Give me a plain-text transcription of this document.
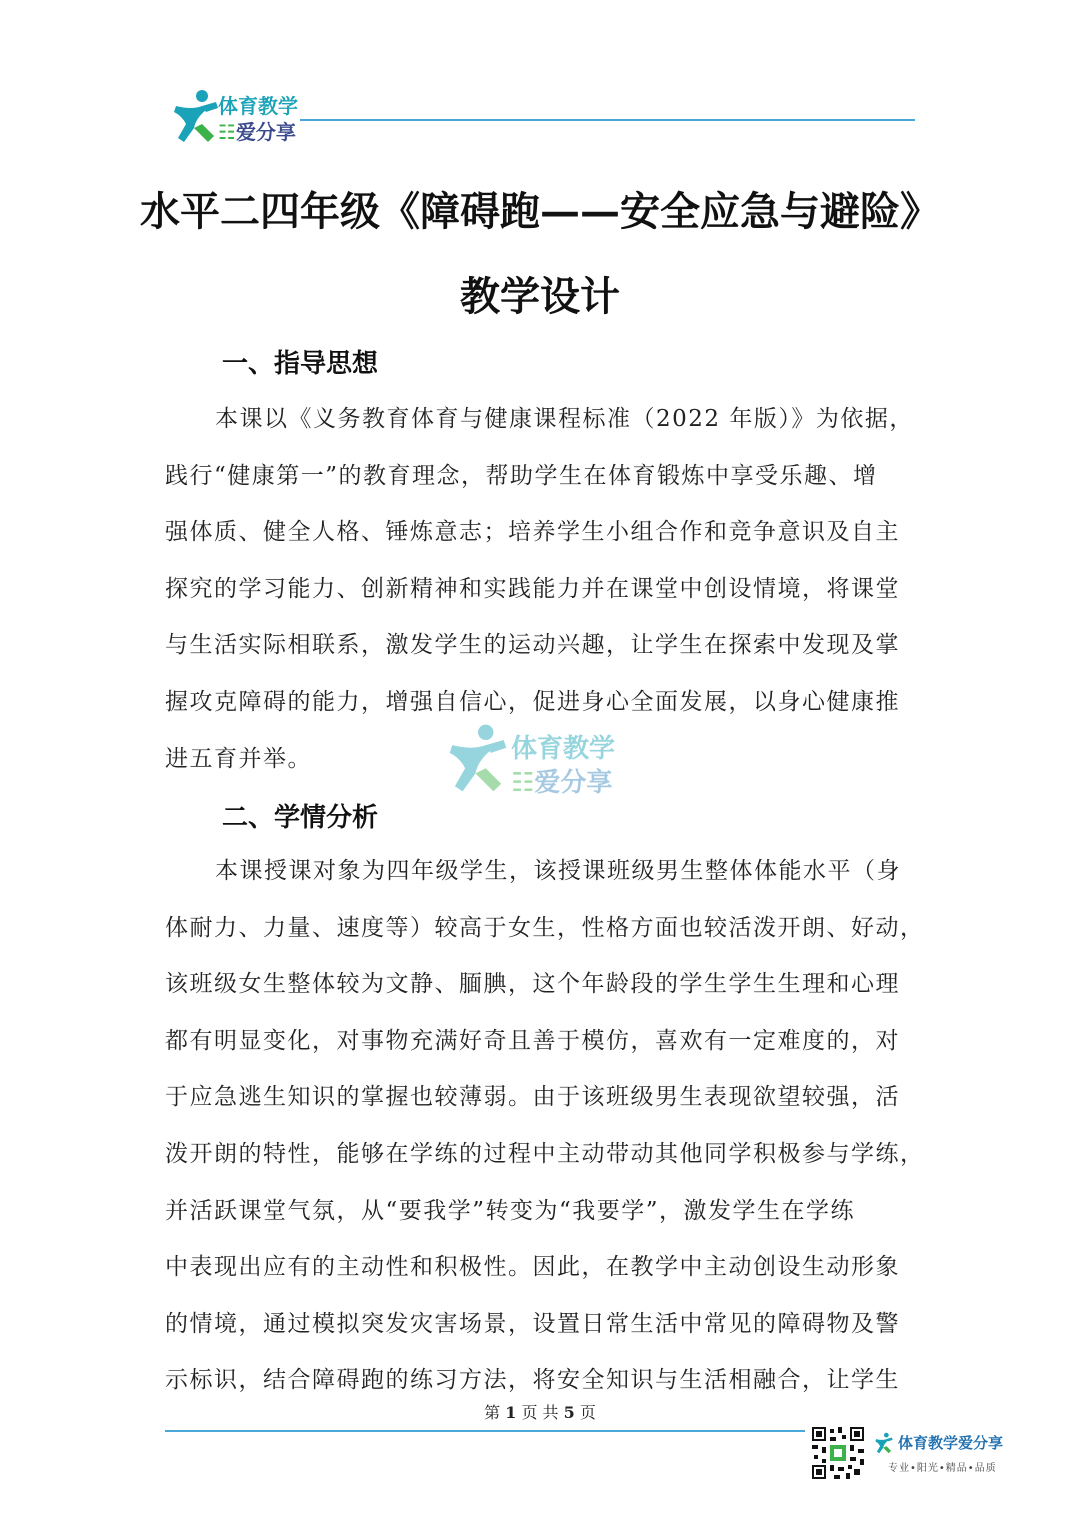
体育教学
☷爱分享
水平二四年级《障碍跑——安全应急与避险》
教学设计
一、指导思想
本课以《义务教育体育与健康课程标准（2022 年版）》为依据，
践行“健康第一”的教育理念，帮助学生在体育锻炼中享受乐趣、增
强体质、健全人格、锤炼意志；培养学生小组合作和竞争意识及自主
探究的学习能力、创新精神和实践能力并在课堂中创设情境，将课堂
与生活实际相联系，激发学生的运动兴趣，让学生在探索中发现及掌
握攻克障碍的能力，增强自信心，促进身心全面发展，以身心健康推
进五育并举。	体育教学
☷爱分享
二、学情分析
本课授课对象为四年级学生，该授课班级男生整体体能水平（身
体耐力、力量、速度等）较高于女生，性格方面也较活泼开朗、好动，
该班级女生整体较为文静、腼腆，这个年龄段的学生学生生理和心理
都有明显变化，对事物充满好奇且善于模仿，喜欢有一定难度的，对
于应急逃生知识的掌握也较薄弱。由于该班级男生表现欲望较强，活
泼开朗的特性，能够在学练的过程中主动带动其他同学积极参与学练，
并活跃课堂气氛，从“要我学”转变为“我要学”，激发学生在学练
中表现出应有的主动性和积极性。因此，在教学中主动创设生动形象
的情境，通过模拟突发灾害场景，设置日常生活中常见的障碍物及警
示标识，结合障碍跑的练习方法，将安全知识与生活相融合，让学生
第 1 页 共 5 页
体育教学爱分享
专业•阳光•精品•品质
